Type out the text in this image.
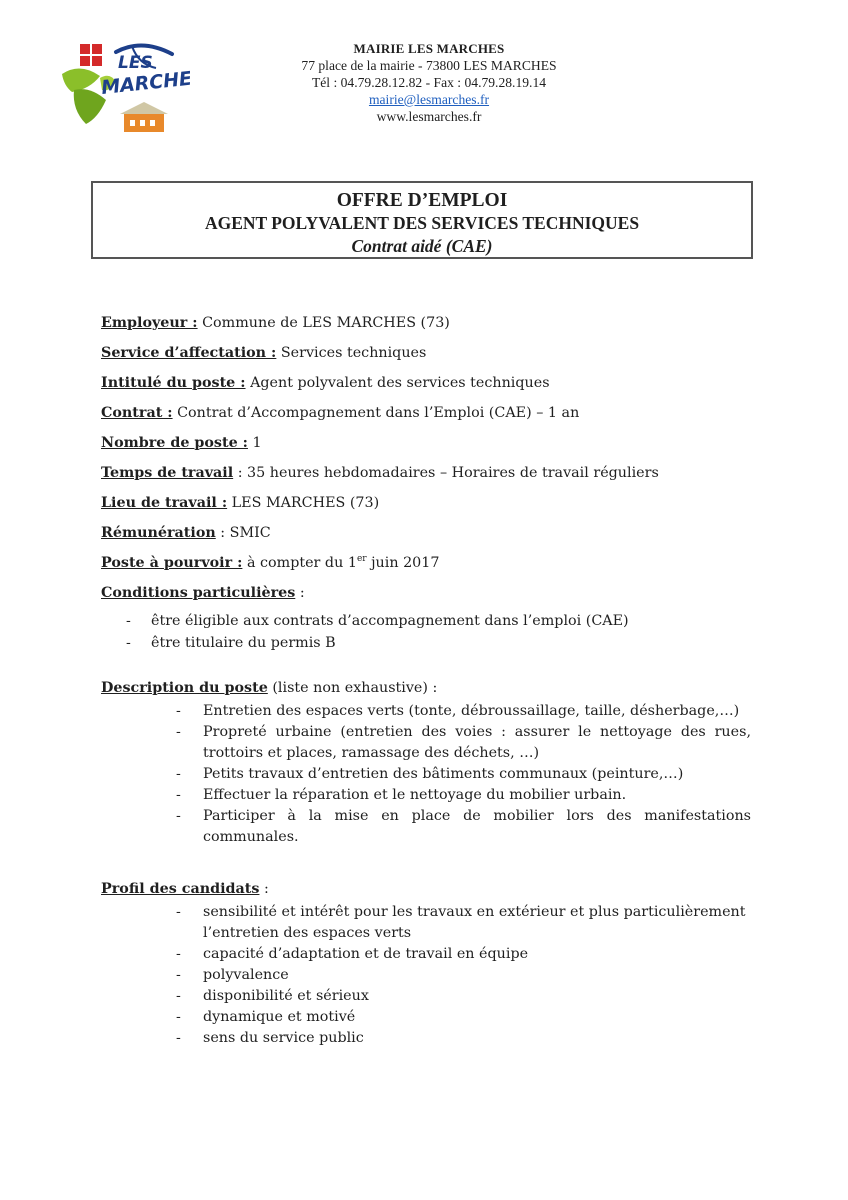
LES
MARCHES
MAIRIE LES MARCHES
77 place de la mairie - 73800 LES MARCHES
Tél : 04.79.28.12.82 - Fax : 04.79.28.19.14
mairie@lesmarches.fr
www.lesmarches.fr
OFFRE D’EMPLOI
AGENT POLYVALENT DES SERVICES TECHNIQUES
Contrat aidé (CAE)
Employeur : Commune de LES MARCHES (73)
Service d’affectation : Services techniques
Intitulé du poste : Agent polyvalent des services techniques
Contrat : Contrat d’Accompagnement dans l’Emploi (CAE) – 1 an
Nombre de poste : 1
Temps de travail : 35 heures hebdomadaires – Horaires de travail réguliers
Lieu de travail : LES MARCHES (73)
Rémunération : SMIC
Poste à pourvoir : à compter du 1er juin 2017
Conditions particulières :
- être éligible aux contrats d’accompagnement dans l’emploi (CAE)
- être titulaire du permis B
Description du poste (liste non exhaustive) :
- Entretien des espaces verts (tonte, débroussaillage, taille, désherbage,…)
- Propreté urbaine (entretien des voies : assurer le nettoyage des rues, trottoirs et places, ramassage des déchets, …)
- Petits travaux d’entretien des bâtiments communaux (peinture,…)
- Effectuer la réparation et le nettoyage du mobilier urbain.
- Participer à la mise en place de mobilier lors des manifestations communales.
Profil des candidats :
- sensibilité et intérêt pour les travaux en extérieur et plus particulièrement l’entretien des espaces verts
- capacité d’adaptation et de travail en équipe
- polyvalence
- disponibilité et sérieux
- dynamique et motivé
- sens du service public
